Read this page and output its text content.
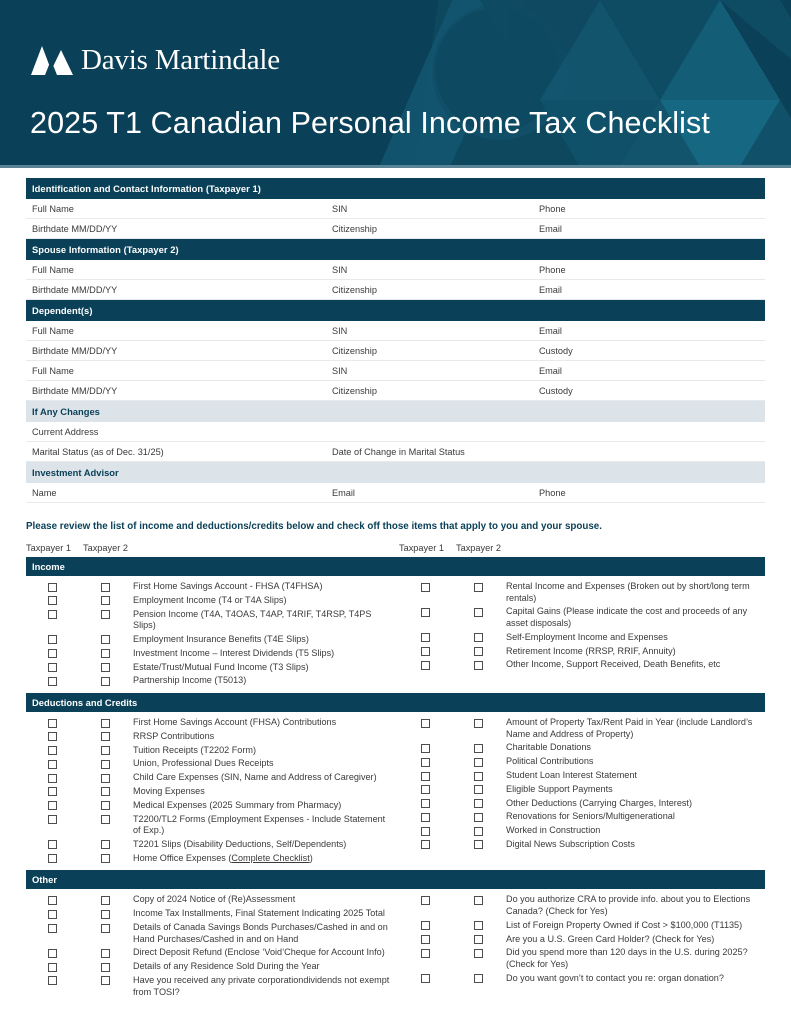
Davis Martindale
2025 T1 Canadian Personal Income Tax Checklist
Identification and Contact Information (Taxpayer 1)
Full Name	SIN	Phone
Birthdate MM/DD/YY	Citizenship	Email
Spouse Information (Taxpayer 2)
Full Name	SIN	Phone
Birthdate MM/DD/YY	Citizenship	Email
Dependent(s)
Full Name	SIN	Email
Birthdate MM/DD/YY	Citizenship	Custody
Full Name	SIN	Email
Birthdate MM/DD/YY	Citizenship	Custody
If Any Changes
Current Address
Marital Status (as of Dec. 31/25)	Date of Change in Marital Status
Investment Advisor
Name	Email	Phone
Please review the list of income and deductions/credits below and check off those items that apply to you and your spouse.
Taxpayer 1	Taxpayer 2	Taxpayer 1	Taxpayer 2
Income
First Home Savings Account - FHSA (T4FHSA)
Employment Income (T4 or T4A Slips)
Pension Income (T4A, T4OAS, T4AP, T4RIF, T4RSP, T4PS Slips)
Employment Insurance Benefits (T4E Slips)
Investment Income – Interest Dividends (T5 Slips)
Estate/Trust/Mutual Fund Income (T3 Slips)
Partnership Income (T5013)
Rental Income and Expenses (Broken out by short/long term rentals)
Capital Gains (Please indicate the cost and proceeds of any asset disposals)
Self-Employment Income and Expenses
Retirement Income (RRSP, RRIF, Annuity)
Other Income, Support Received, Death Benefits, etc
Deductions and Credits
First Home Savings Account (FHSA) Contributions
RRSP Contributions
Tuition Receipts (T2202 Form)
Union, Professional Dues Receipts
Child Care Expenses (SIN, Name and Address of Caregiver)
Moving Expenses
Medical Expenses (2025 Summary from Pharmacy)
T2200/TL2 Forms (Employment Expenses - Include Statement of Exp.)
T2201 Slips (Disability Deductions, Self/Dependents)
Home Office Expenses (Complete Checklist)
Amount of Property Tax/Rent Paid in Year (include Landlord’s Name and Address of Property)
Charitable Donations
Political Contributions
Student Loan Interest Statement
Eligible Support Payments
Other Deductions (Carrying Charges, Interest)
Renovations for Seniors/Multigenerational
Worked in Construction
Digital News Subscription Costs
Other
Copy of 2024 Notice of (Re)Assessment
Income Tax Installments, Final Statement Indicating 2025 Total
Details of Canada Savings Bonds Purchases/Cashed in and on Hand Purchases/Cashed in and on Hand
Direct Deposit Refund (Enclose ‘Void’Cheque for Account Info)
Details of any Residence Sold During the Year
Have you received any private corporationdividends not exempt from TOSI?
Do you authorize CRA to provide info. about you to Elections Canada? (Check for Yes)
List of Foreign Property Owned if Cost > $100,000 (T1135)
Are you a U.S. Green Card Holder? (Check for Yes)
Did you spend more than 120 days in the U.S. during 2025? (Check for Yes)
Do you want govn’t to contact you re: organ donation?
